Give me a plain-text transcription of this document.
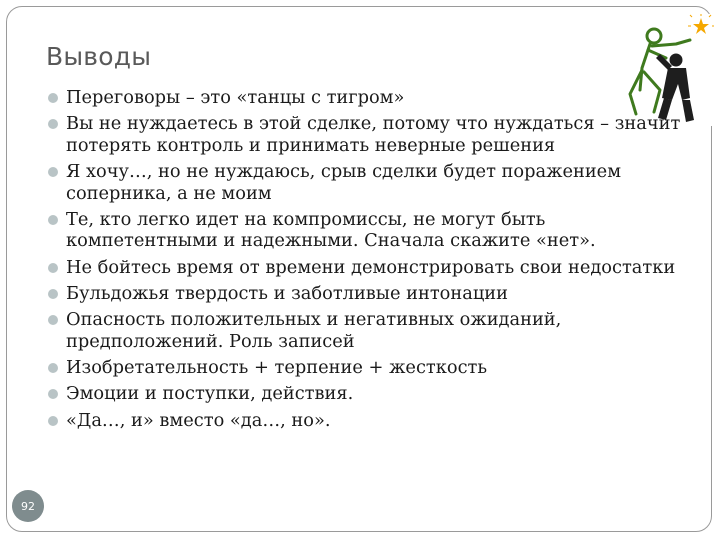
Выводы
Переговоры – это «танцы с тигром»
Вы не нуждаетесь в этой сделке, потому что нуждаться – значит потерять контроль и принимать неверные решения
Я хочу…, но не нуждаюсь, срыв сделки будет поражением соперника, а не моим
Те, кто легко идет на компромиссы, не могут быть компетентными и надежными. Сначала скажите «нет».
Не бойтесь время от времени демонстрировать свои недостатки
Бульдожья твердость и заботливые интонации
Опасность положительных и негативных ожиданий, предположений. Роль записей
Изобретательность + терпение + жесткость
Эмоции и поступки, действия.
«Да…, и» вместо «да…, но».
92
